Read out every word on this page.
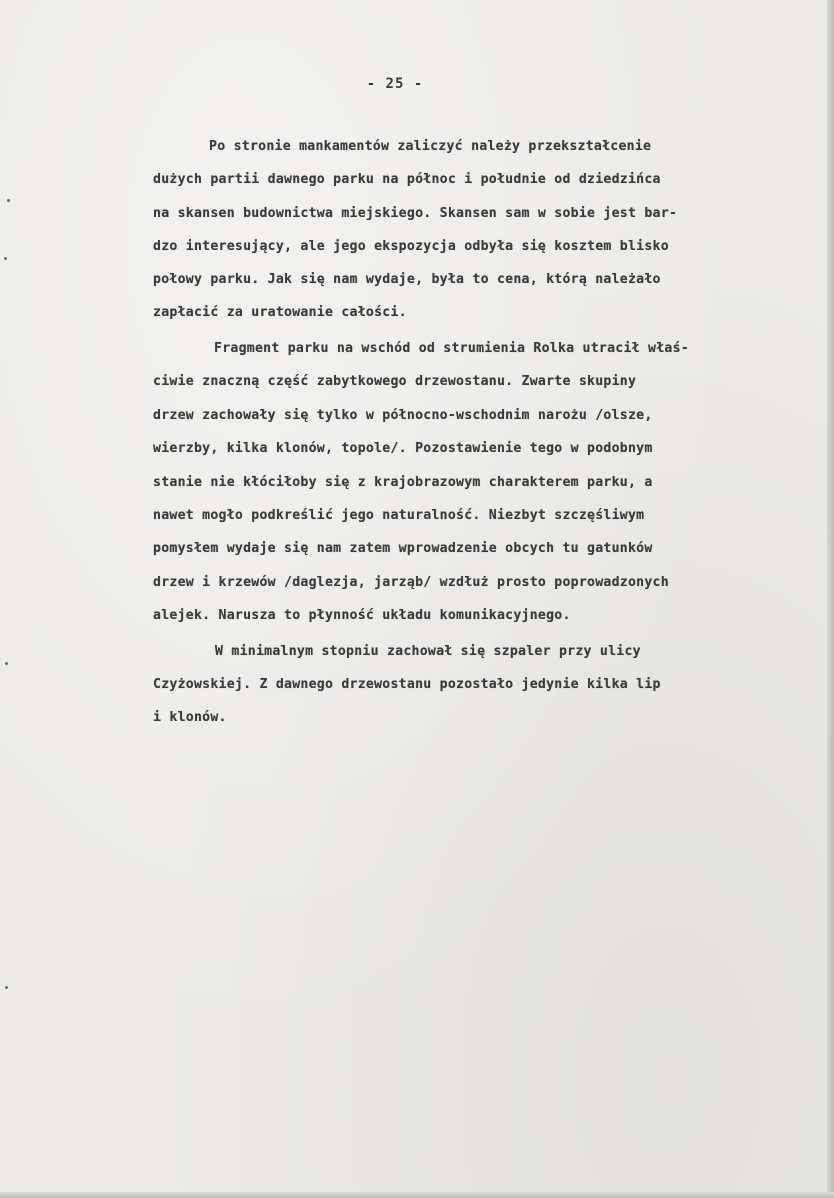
- 25 -
Po stronie mankamentów zaliczyć należy przekształcenie
dużych partii dawnego parku na północ i południe od dziedzińca
na skansen budownictwa miejskiego. Skansen sam w sobie jest bar-
dzo interesujący, ale jego ekspozycja odbyła się kosztem blisko
połowy parku. Jak się nam wydaje, była to cena, którą należało
zapłacić za uratowanie całości.
Fragment parku na wschód od strumienia Rolka utracił właś-
ciwie znaczną część zabytkowego drzewostanu. Zwarte skupiny
drzew zachowały się tylko w północno-wschodnim narożu /olsze,
wierzby, kilka klonów, topole/. Pozostawienie tego w podobnym
stanie nie kłóciłoby się z krajobrazowym charakterem parku, a
nawet mogło podkreślić jego naturalność. Niezbyt szczęśliwym
pomysłem wydaje się nam zatem wprowadzenie obcych tu gatunków
drzew i krzewów /daglezja, jarząb/ wzdłuż prosto poprowadzonych
alejek. Narusza to płynność układu komunikacyjnego.
W minimalnym stopniu zachował się szpaler przy ulicy
Czyżowskiej. Z dawnego drzewostanu pozostało jedynie kilka lip
i klonów.
